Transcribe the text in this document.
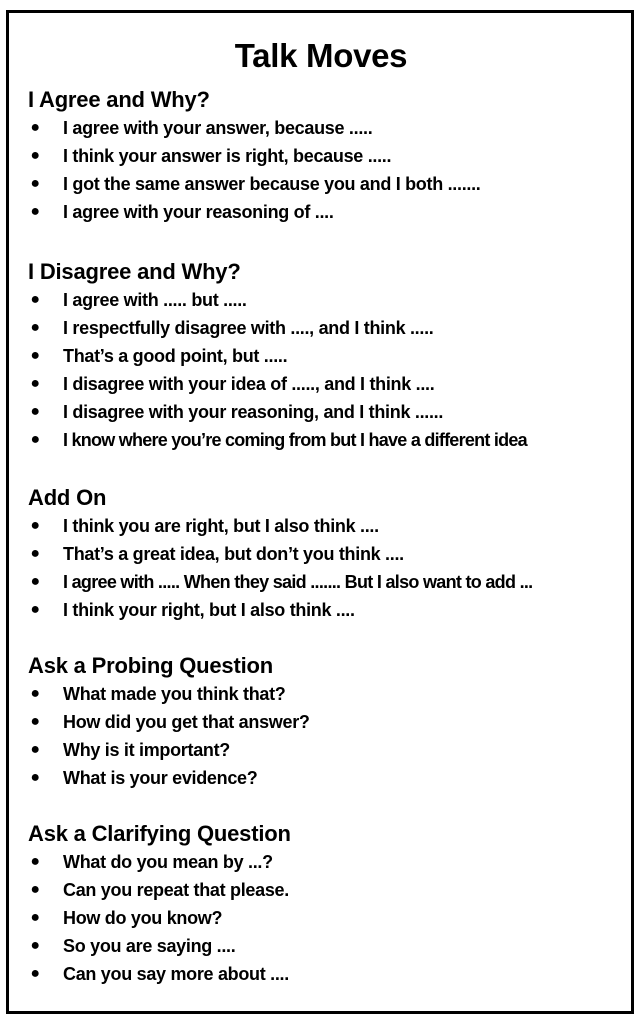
Talk Moves
I Agree and Why?
● I agree with your answer, because .....
● I think your answer is right, because .....
● I got the same answer because you and I both .......
● I agree with your reasoning of ....
I Disagree and Why?
● I agree with ..... but .....
● I respectfully disagree with ...., and I think .....
● That’s a good point, but .....
● I disagree with your idea of ....., and I think ....
● I disagree with your reasoning, and I think ......
● I know where you’re coming from but I have a different idea
Add On
● I think you are right, but I also think ....
● That’s a great idea, but don’t you think ....
● I agree with ..... When they said ....... But I also want to add ...
● I think your right, but I also think ....
Ask a Probing Question
● What made you think that?
● How did you get that answer?
● Why is it important?
● What is your evidence?
Ask a Clarifying Question
● What do you mean by ...?
● Can you repeat that please.
● How do you know?
● So you are saying ....
● Can you say more about ....
